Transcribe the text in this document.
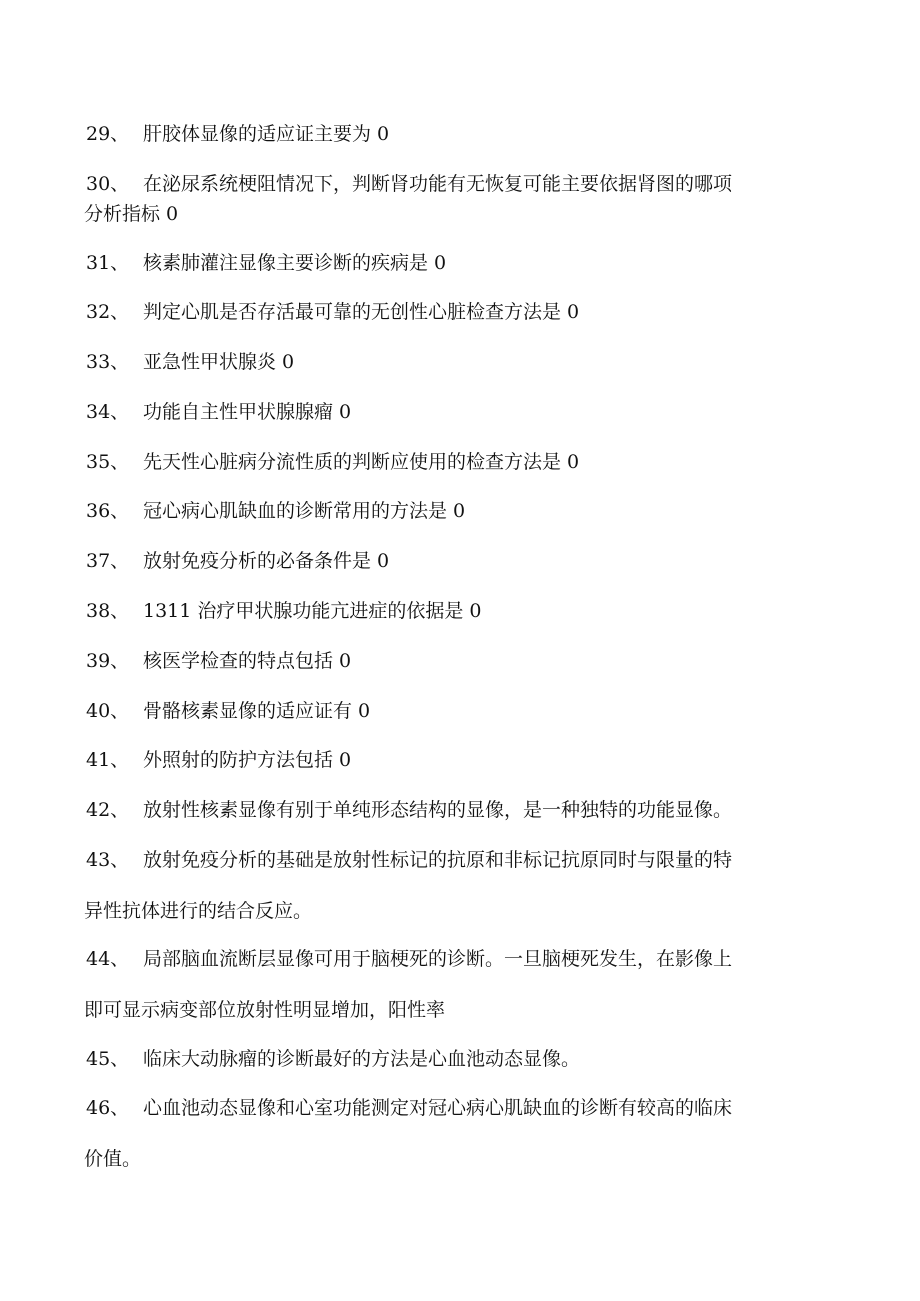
29、 肝胶体显像的适应证主要为 0
30、 在泌尿系统梗阻情况下，判断肾功能有无恢复可能主要依据肾图的哪项
分析指标 0
31、 核素肺灌注显像主要诊断的疾病是 0
32、 判定心肌是否存活最可靠的无创性心脏检查方法是 0
33、 亚急性甲状腺炎 0
34、 功能自主性甲状腺腺瘤 0
35、 先天性心脏病分流性质的判断应使用的检查方法是 0
36、 冠心病心肌缺血的诊断常用的方法是 0
37、 放射免疫分析的必备条件是 0
38、 1311 治疗甲状腺功能亢进症的依据是 0
39、 核医学检查的特点包括 0
40、 骨骼核素显像的适应证有 0
41、 外照射的防护方法包括 0
42、 放射性核素显像有别于单纯形态结构的显像，是一种独特的功能显像。
43、 放射免疫分析的基础是放射性标记的抗原和非标记抗原同时与限量的特
异性抗体进行的结合反应。
44、 局部脑血流断层显像可用于脑梗死的诊断。一旦脑梗死发生，在影像上
即可显示病变部位放射性明显增加，阳性率
45、 临床大动脉瘤的诊断最好的方法是心血池动态显像。
46、 心血池动态显像和心室功能测定对冠心病心肌缺血的诊断有较高的临床
价值。
